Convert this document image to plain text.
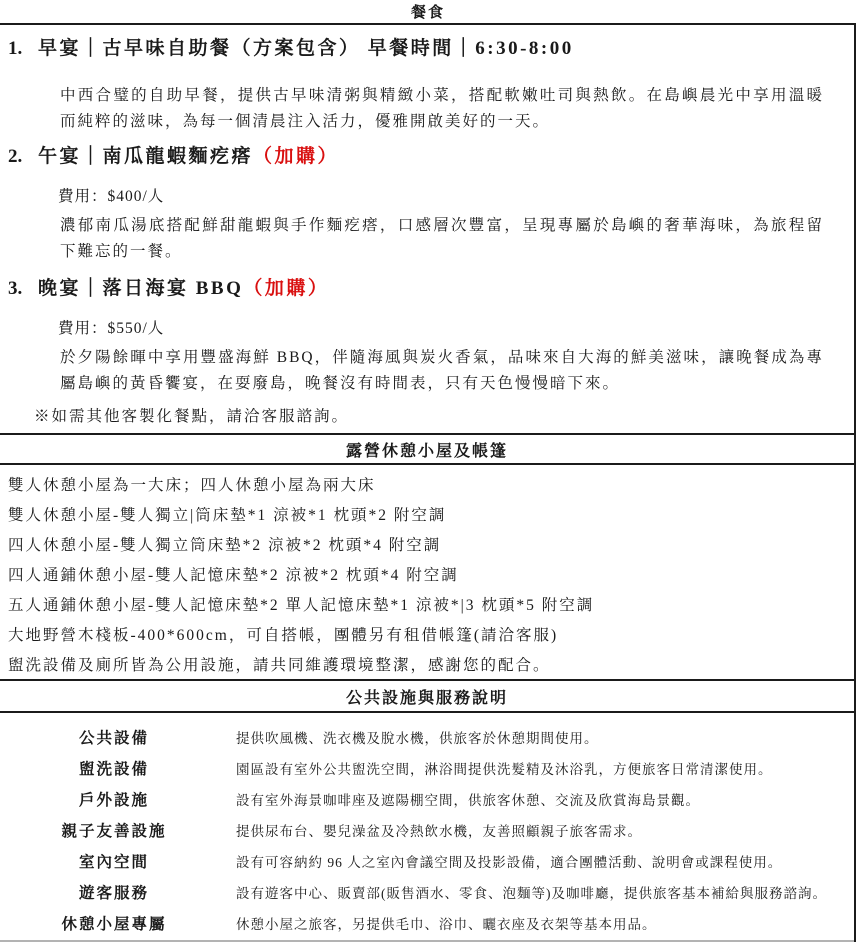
餐食
1. 早宴｜古早味自助餐（方案包含） 早餐時間｜6:30-8:00
中西合璧的自助早餐，提供古早味清粥與精緻小菜，搭配軟嫩吐司與熱飲。在島嶼晨光中享用溫暖而純粹的滋味，為每一個清晨注入活力，優雅開啟美好的一天。
2. 午宴｜南瓜龍蝦麵疙瘩（加購）
費用：$400/人
濃郁南瓜湯底搭配鮮甜龍蝦與手作麵疙瘩，口感層次豐富，呈現專屬於島嶼的奢華海味，為旅程留下難忘的一餐。
3. 晚宴｜落日海宴 BBQ（加購）
費用：$550/人
於夕陽餘暉中享用豐盛海鮮 BBQ，伴隨海風與炭火香氣，品味來自大海的鮮美滋味，讓晚餐成為專屬島嶼的黃昏饗宴，在耍廢島，晚餐沒有時間表，只有天色慢慢暗下來。
※如需其他客製化餐點，請洽客服諮詢。
露營休憩小屋及帳篷
雙人休憩小屋為一大床；四人休憩小屋為兩大床
雙人休憩小屋-雙人獨立|筒床墊*1 涼被*1 枕頭*2 附空調
四人休憩小屋-雙人獨立筒床墊*2 涼被*2 枕頭*4 附空調
四人通鋪休憩小屋-雙人記憶床墊*2 涼被*2 枕頭*4 附空調
五人通鋪休憩小屋-雙人記憶床墊*2 單人記憶床墊*1 涼被*|3 枕頭*5 附空調
大地野營木棧板-400*600cm，可自搭帳，團體另有租借帳篷(請洽客服)
盥洗設備及廁所皆為公用設施，請共同維護環境整潔，感謝您的配合。
公共設施與服務說明
公共設備	提供吹風機、洗衣機及脫水機，供旅客於休憩期間使用。
盥洗設備	園區設有室外公共盥洗空間，淋浴間提供洗髮精及沐浴乳，方便旅客日常清潔使用。
戶外設施	設有室外海景咖啡座及遮陽棚空間，供旅客休憩、交流及欣賞海島景觀。
親子友善設施	提供尿布台、嬰兒澡盆及冷熱飲水機，友善照顧親子旅客需求。
室內空間	設有可容納約 96 人之室內會議空間及投影設備，適合團體活動、說明會或課程使用。
遊客服務	設有遊客中心、販賣部(販售酒水、零食、泡麵等)及咖啡廳，提供旅客基本補給與服務諮詢。
休憩小屋專屬	休憩小屋之旅客，另提供毛巾、浴巾、曬衣座及衣架等基本用品。
